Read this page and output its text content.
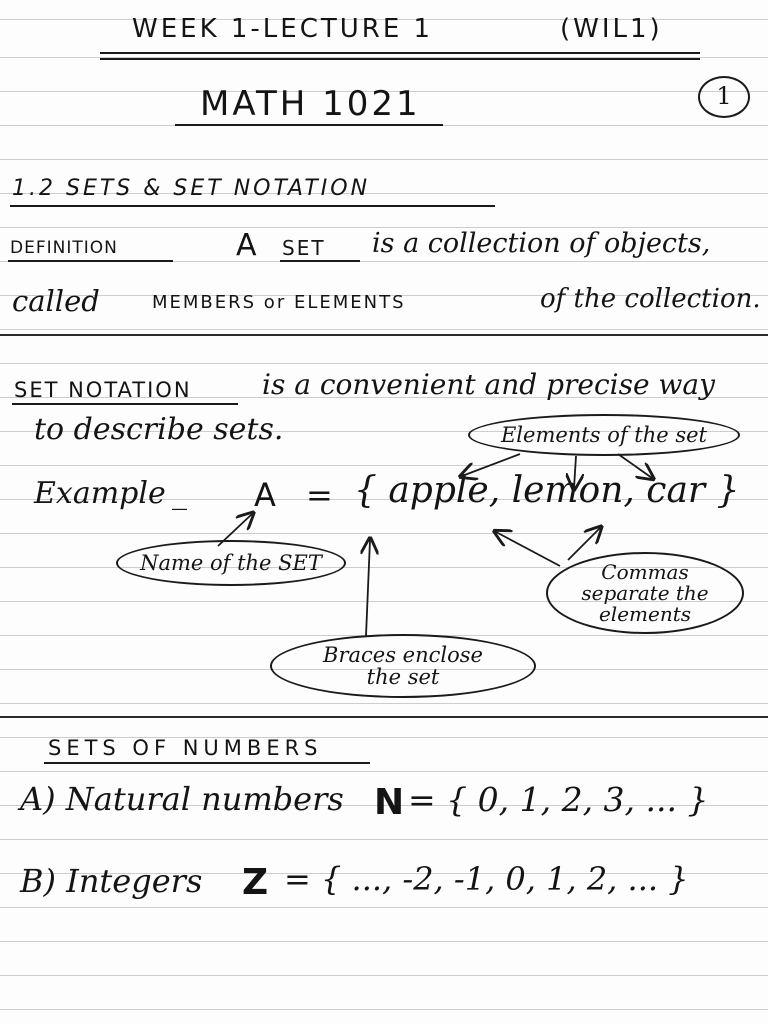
WEEK 1-LECTURE 1	(WIL1)
MATH 1021	1
1.2 SETS & SET NOTATION
DEFINITION	A SET is a collection of objects,
called	MEMBERS or ELEMENTS	of the collection.
SET NOTATION	is a convenient and precise way
to describe sets.	Elements of the set
Example _ A = { apple, lemon, car }
Name of the SET	Commas separate the elements
Braces enclose the set
SETS OF NUMBERS
A) Natural numbers N = { 0, 1, 2, 3, ... }
B) Integers Z = { ..., -2, -1, 0, 1, 2, ... }
